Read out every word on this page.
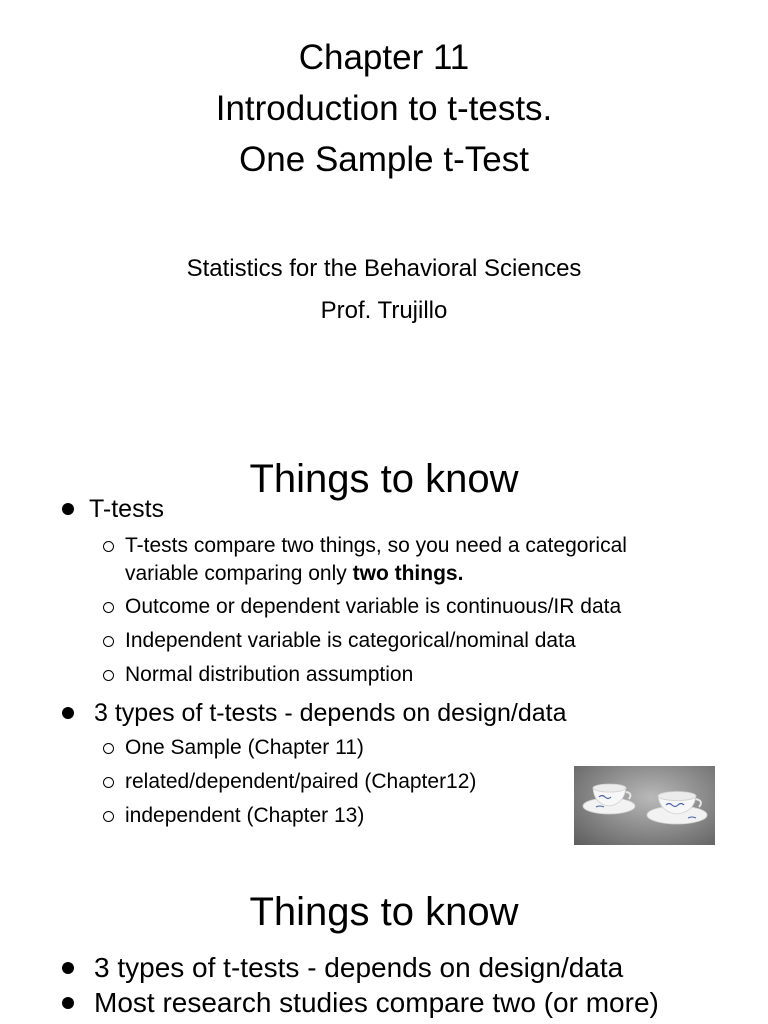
Chapter 11
Introduction to t-tests.
One Sample t-Test
Statistics for the Behavioral Sciences
Prof. Trujillo
Things to know
T-tests
T-tests compare two things, so you need a categorical
variable comparing only two things.
Outcome or dependent variable is continuous/IR data
Independent variable is categorical/nominal data
Normal distribution assumption
3 types of t-tests - depends on design/data
One Sample (Chapter 11)
related/dependent/paired (Chapter12)
independent (Chapter 13)
Things to know
3 types of t-tests - depends on design/data
Most research studies compare two (or more)
